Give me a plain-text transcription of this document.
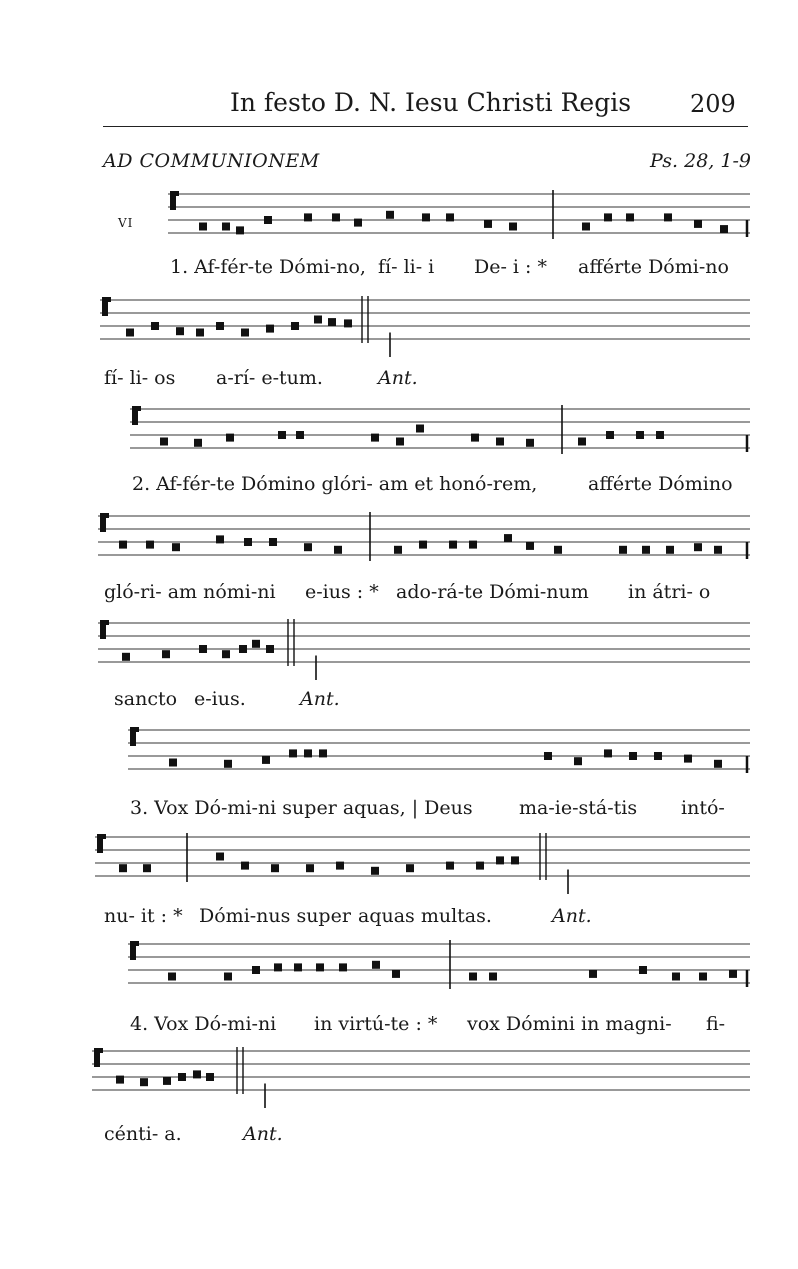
In festo D. N. Iesu Christi Regis 209
AD COMMUNIONEM	Ps. 28, 1-9
VI
1. Af-fér-te Dómi-no, fí- li- i De- i : * afférte Dómi-no
fí- li- os a-rí- e-tum.	Ant.
2. Af-fér-te Dómino glóri- am et honó-rem,	afférte Dómino
gló-ri- am nómi-ni e-ius : * ado-rá-te Dómi-num in átri- o
sancto e-ius.	Ant.
3. Vox Dó-mi-ni super aquas, | Deus ma-ie-stá-tis intó-
nu- it : * Dómi-nus super aquas multas.	Ant.
4. Vox Dó-mi-ni in virtú-te : * vox Dómini in magni- fi-
cénti- a.	Ant.
